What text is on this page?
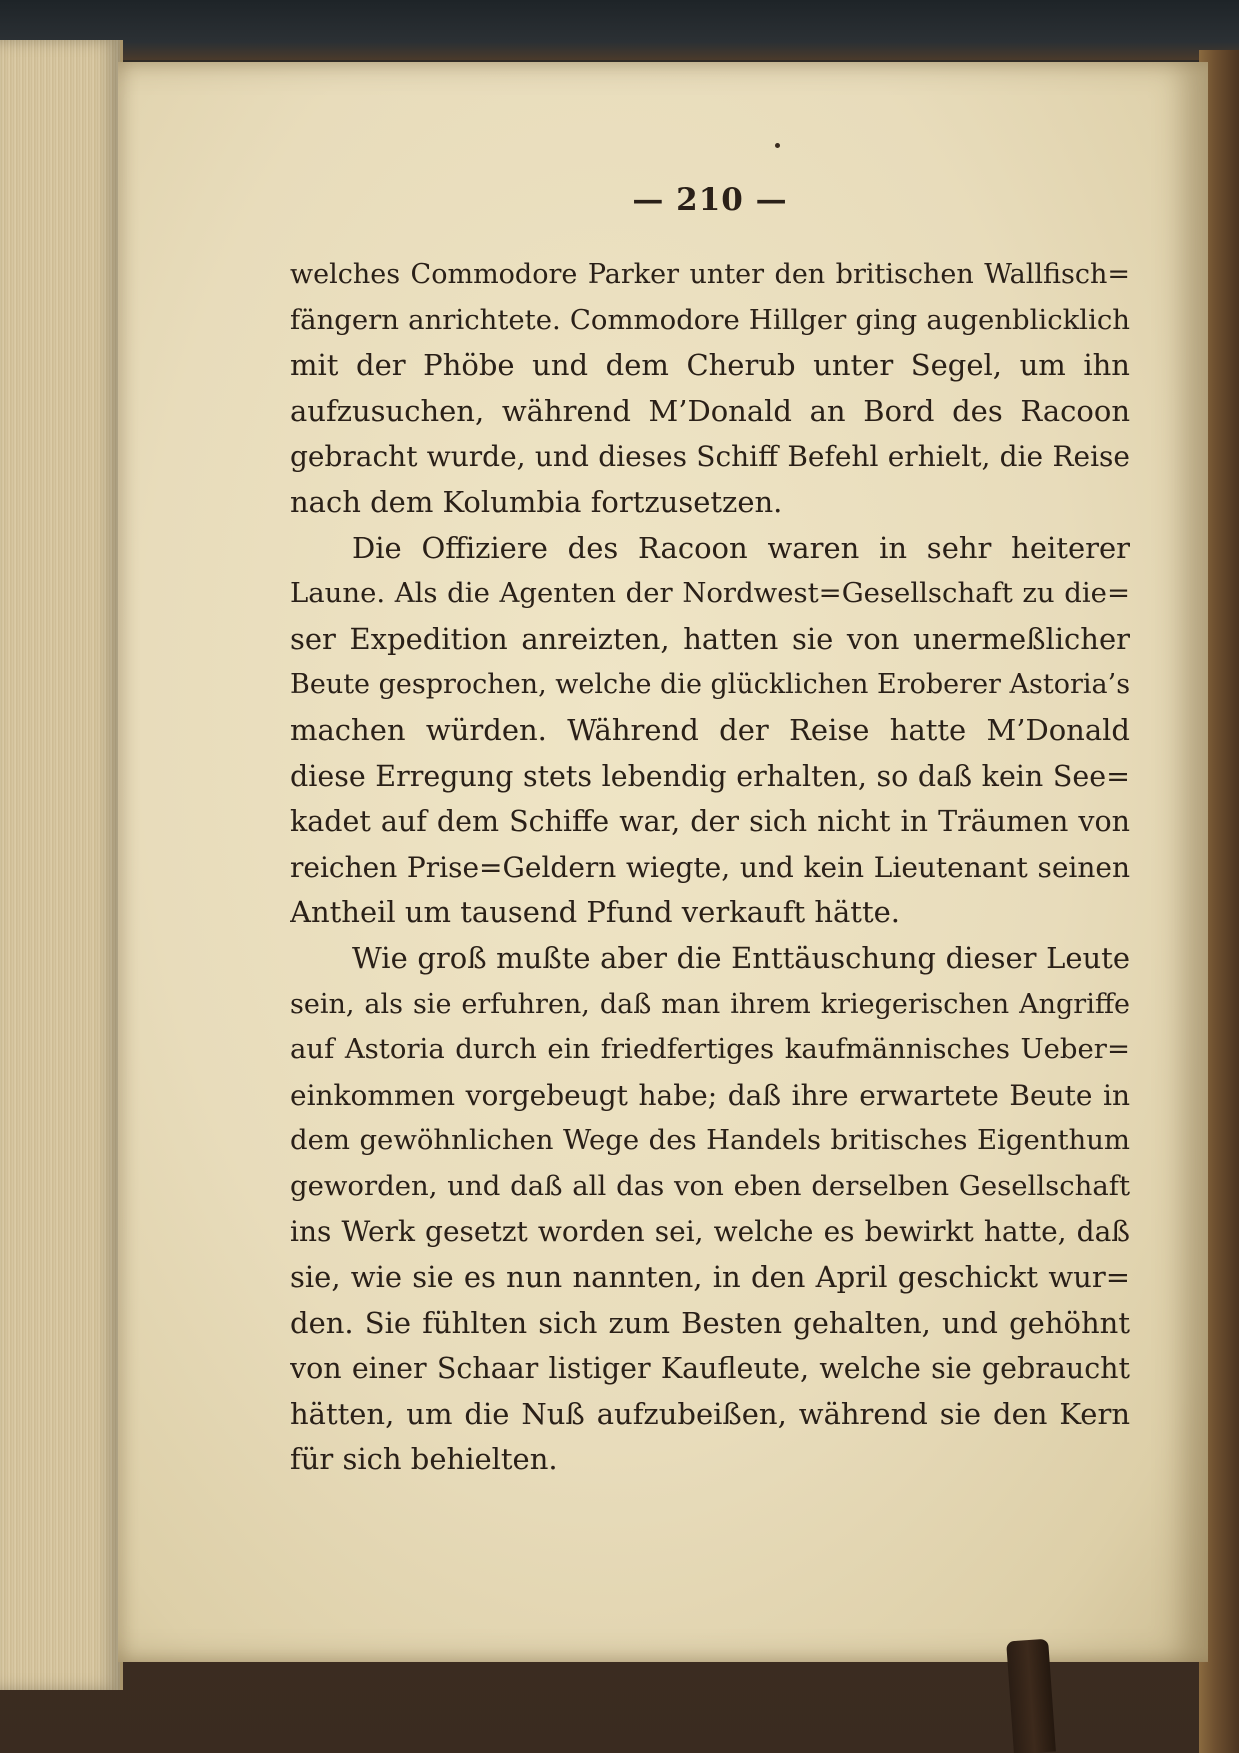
— 210 —

welches Commodore Parker unter den britischen Wallfisch=
fängern anrichtete. Commodore Hillger ging augenblicklich
mit der Phöbe und dem Cherub unter Segel, um ihn
aufzusuchen, während M’Donald an Bord des Racoon
gebracht wurde, und dieses Schiff Befehl erhielt, die Reise
nach dem Kolumbia fortzusetzen.

Die Offiziere des Racoon waren in sehr heiterer
Laune. Als die Agenten der Nordwest=Gesellschaft zu die=
ser Expedition anreizten, hatten sie von unermeßlicher
Beute gesprochen, welche die glücklichen Eroberer Astoria’s
machen würden. Während der Reise hatte M’Donald
diese Erregung stets lebendig erhalten, so daß kein See=
kadet auf dem Schiffe war, der sich nicht in Träumen von
reichen Prise=Geldern wiegte, und kein Lieutenant seinen
Antheil um tausend Pfund verkauft hätte.

Wie groß mußte aber die Enttäuschung dieser Leute
sein, als sie erfuhren, daß man ihrem kriegerischen Angriffe
auf Astoria durch ein friedfertiges kaufmännisches Ueber=
einkommen vorgebeugt habe; daß ihre erwartete Beute in
dem gewöhnlichen Wege des Handels britisches Eigenthum
geworden, und daß all das von eben derselben Gesellschaft
ins Werk gesetzt worden sei, welche es bewirkt hatte, daß
sie, wie sie es nun nannten, in den April geschickt wur=
den. Sie fühlten sich zum Besten gehalten, und gehöhnt
von einer Schaar listiger Kaufleute, welche sie gebraucht
hätten, um die Nuß aufzubeißen, während sie den Kern
für sich behielten.
